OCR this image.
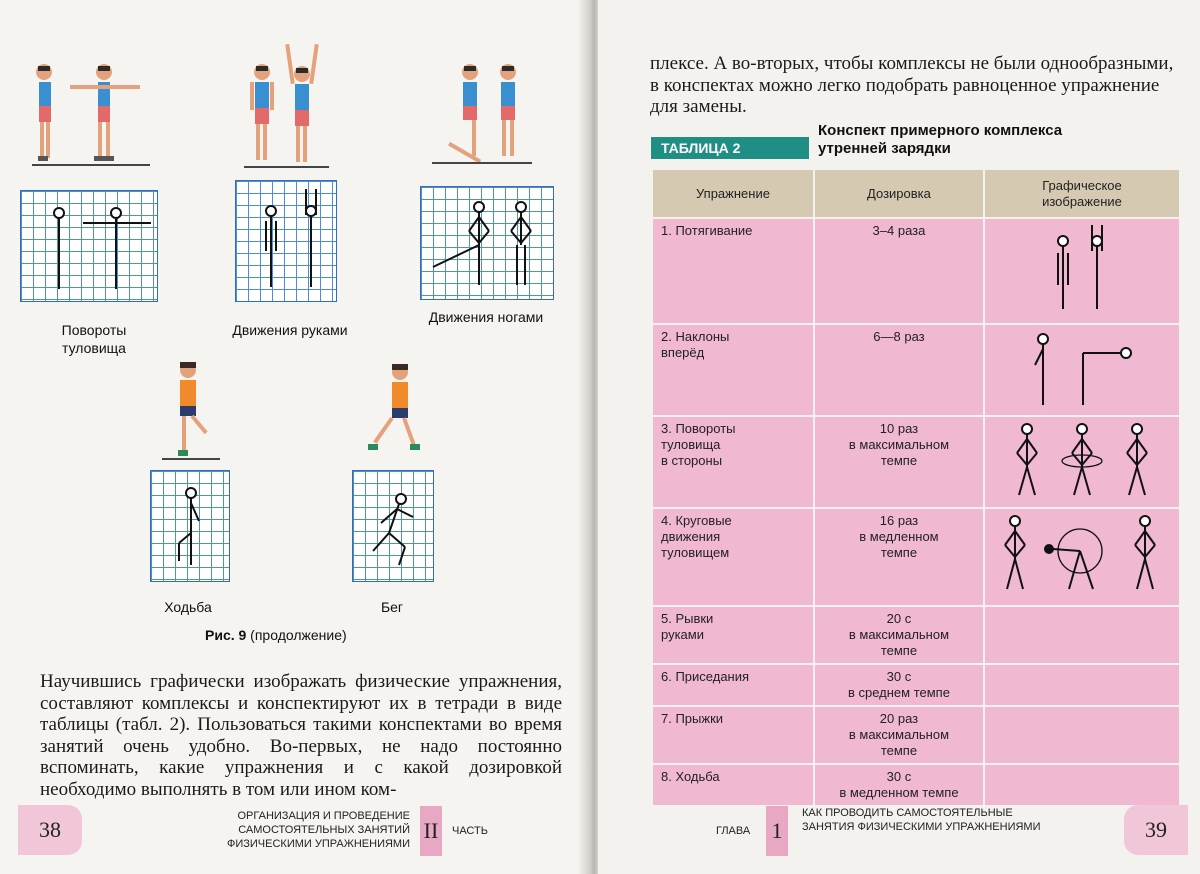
Повороты
туловища
Движения руками
Движения ногами
Ходьба	Бег
Рис. 9 (продолжение)
Научившись графически изображать физические упражнения, составляют комплексы и конспектируют их в тетради в виде таблицы (табл. 2). Пользоваться такими конспектами во время занятий очень удобно. Во-первых, не надо постоянно вспоминать, какие упражнения и с какой дозировкой необходимо выполнять в том или ином ком-
38
ОРГАНИЗАЦИЯ И ПРОВЕДЕНИЕ
САМОСТОЯТЕЛЬНЫХ ЗАНЯТИЙ
ФИЗИЧЕСКИМИ УПРАЖНЕНИЯМИ
II	ЧАСТЬ
плексе. А во-вторых, чтобы комплексы не были однообразными, в конспектах можно легко подобрать равноценное упражнение для замены.
ТАБЛИЦА 2
Конспект примерного комплекса
утренней зарядки
Упражнение	Дозировка	Графическое
изображение
1. Потягивание	3–4 раза	
2. Наклоны
вперёд	6—8 раз	
3. Повороты
туловища
в стороны	10 раз
в максимальном
темпе	
4. Круговые
движения
туловищем	16 раз
в медленном
темпе	
5. Рывки
руками	20 с
в максимальном
темпе	
6. Приседания	30 с
в среднем темпе	
7. Прыжки	20 раз
в максимальном
темпе	
8. Ходьба	30 с
в медленном темпе	
ГЛАВА 1
КАК ПРОВОДИТЬ САМОСТОЯТЕЛЬНЫЕ
ЗАНЯТИЯ ФИЗИЧЕСКИМИ УПРАЖНЕНИЯМИ	39
